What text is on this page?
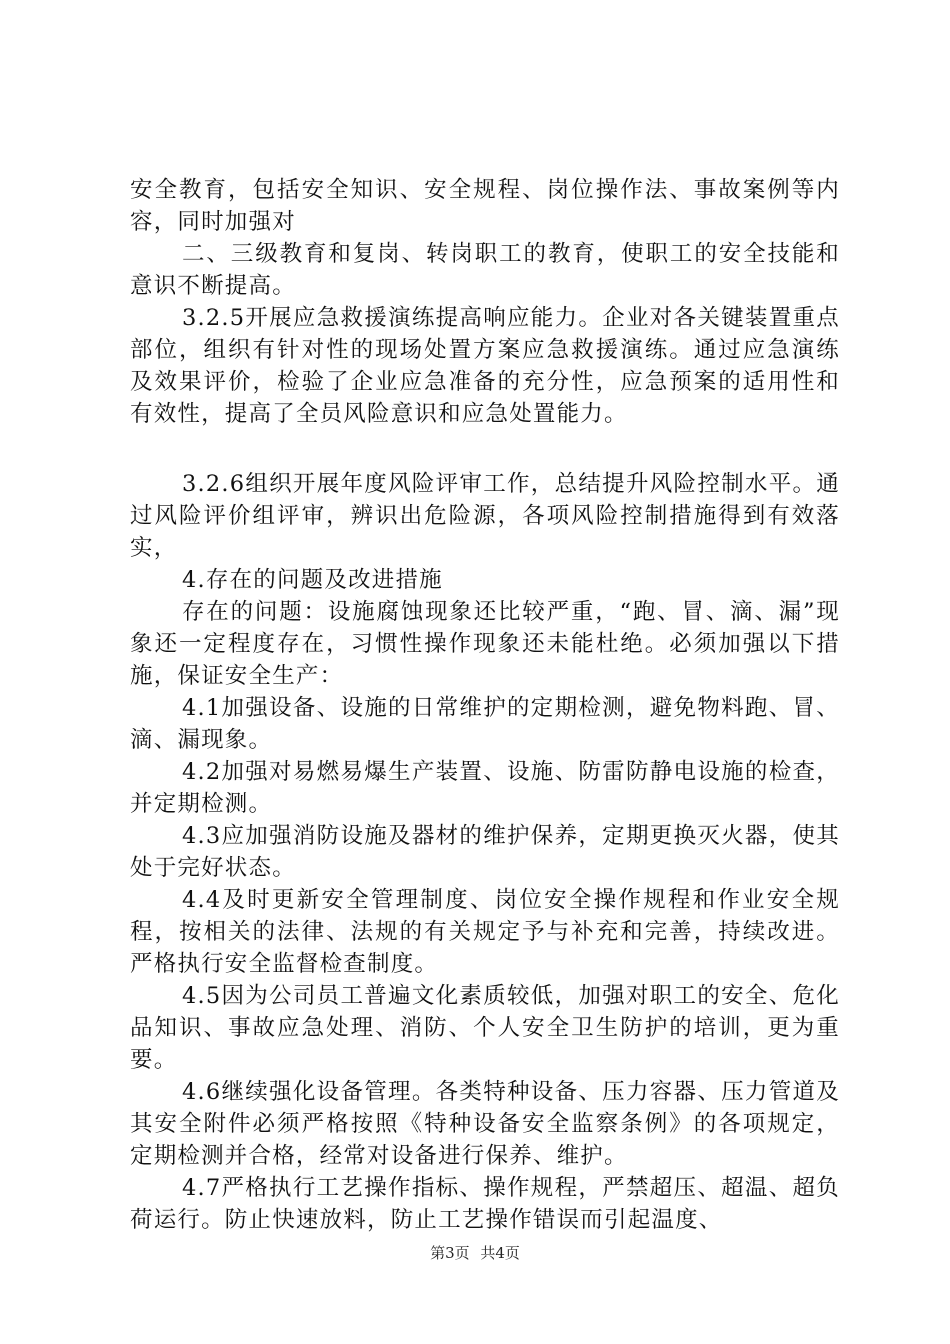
安全教育，包括安全知识、安全规程、岗位操作法、事故案例等内容，同时加强对

二、三级教育和复岗、转岗职工的教育，使职工的安全技能和意识不断提高。

3.2.5开展应急救援演练提高响应能力。企业对各关键装置重点部位，组织有针对性的现场处置方案应急救援演练。通过应急演练及效果评价，检验了企业应急准备的充分性，应急预案的适用性和有效性，提高了全员风险意识和应急处置能力。

3.2.6组织开展年度风险评审工作，总结提升风险控制水平。通过风险评价组评审，辨识出危险源，各项风险控制措施得到有效落实，

4.存在的问题及改进措施

存在的问题：设施腐蚀现象还比较严重，“跑、冒、滴、漏”现象还一定程度存在，习惯性操作现象还未能杜绝。必须加强以下措施，保证安全生产：

4.1加强设备、设施的日常维护的定期检测，避免物料跑、冒、滴、漏现象。

4.2加强对易燃易爆生产装置、设施、防雷防静电设施的检查，并定期检测。

4.3应加强消防设施及器材的维护保养，定期更换灭火器，使其处于完好状态。

4.4及时更新安全管理制度、岗位安全操作规程和作业安全规程，按相关的法律、法规的有关规定予与补充和完善，持续改进。严格执行安全监督检查制度。

4.5因为公司员工普遍文化素质较低，加强对职工的安全、危化品知识、事故应急处理、消防、个人安全卫生防护的培训，更为重要。

4.6继续强化设备管理。各类特种设备、压力容器、压力管道及其安全附件必须严格按照《特种设备安全监察条例》的各项规定，定期检测并合格，经常对设备进行保养、维护。

4.7严格执行工艺操作指标、操作规程，严禁超压、超温、超负荷运行。防止快速放料，防止工艺操作错误而引起温度、

第3页 共4页
